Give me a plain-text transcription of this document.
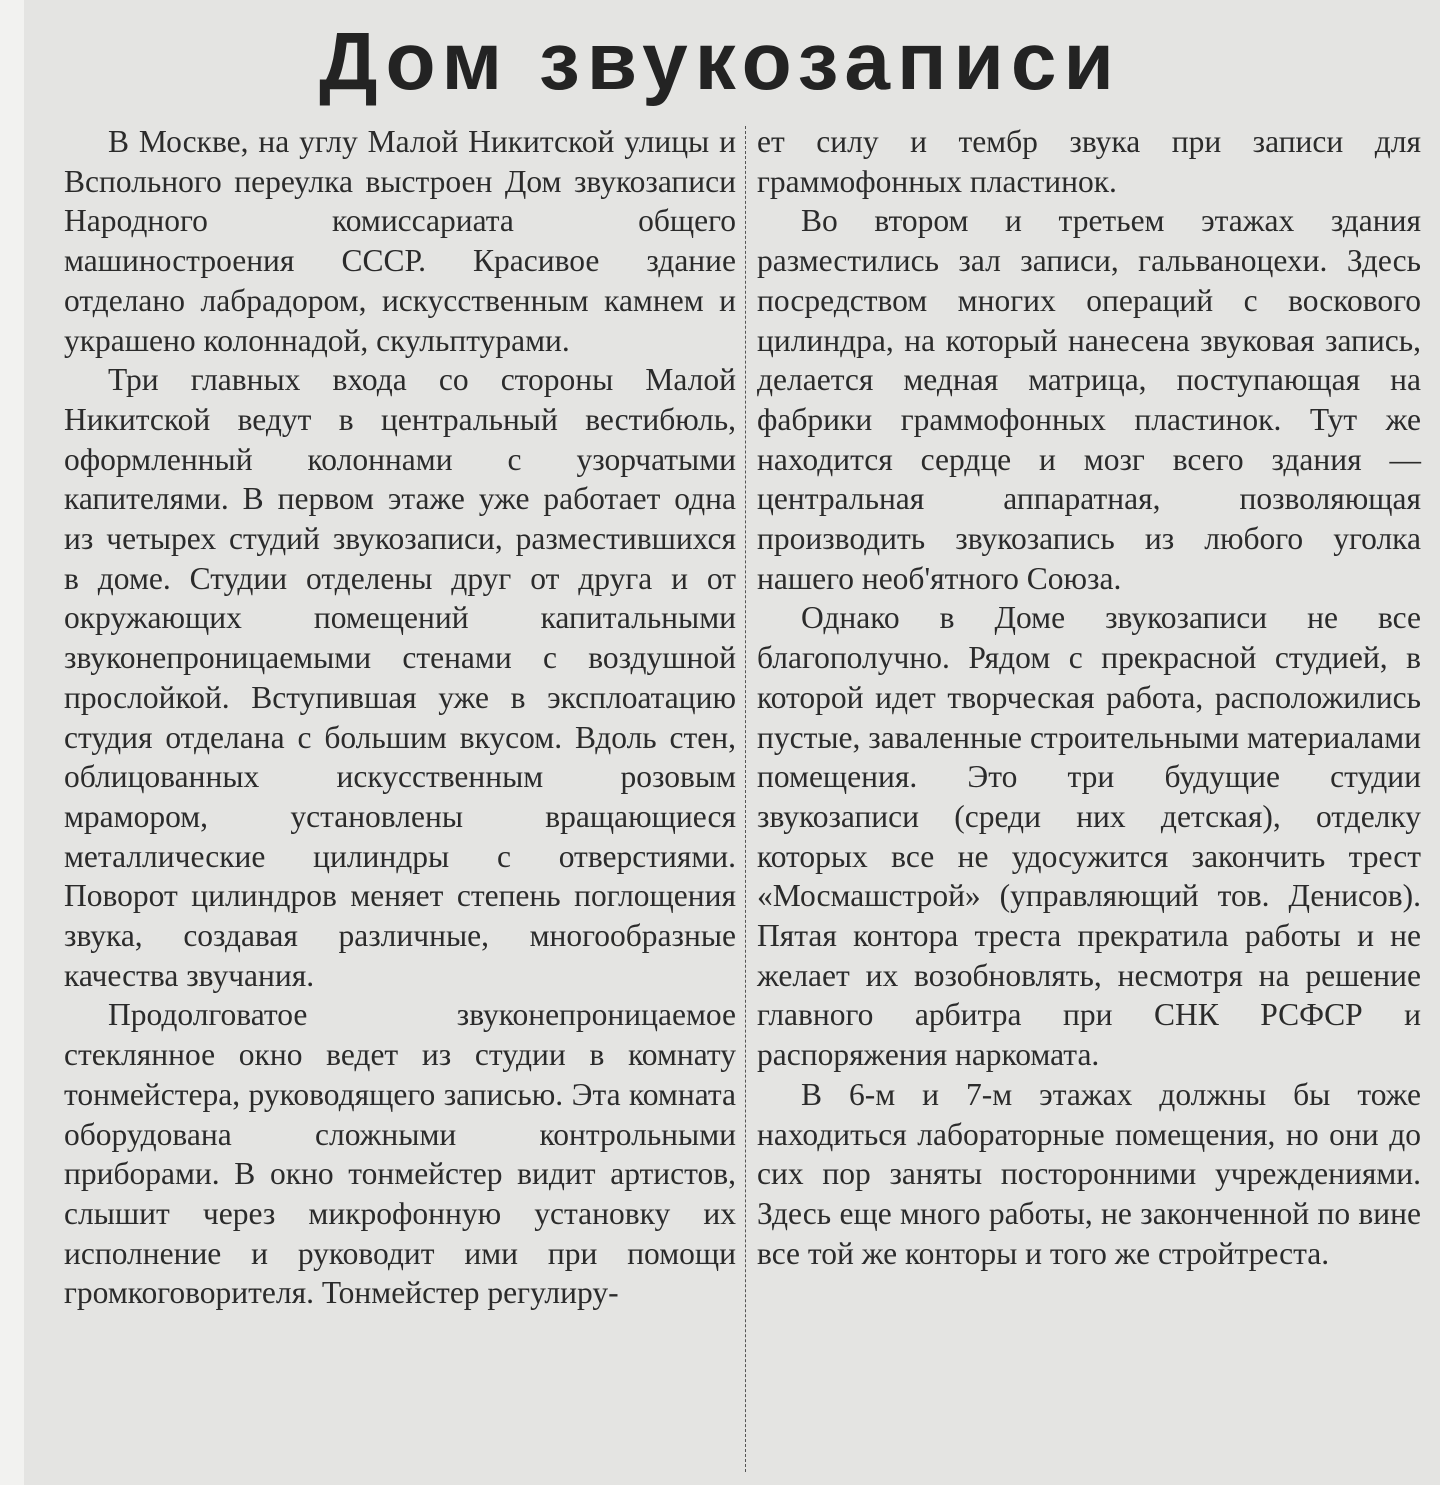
Дом звукозаписи

В Москве, на углу Малой Никитской улицы и Вспольного переулка выстроен Дом звукозаписи Народного комиссариата общего машиностроения СССР. Красивое здание отделано лабрадором, искусственным камнем и украшено колоннадой, скульптурами.

Три главных входа со стороны Малой Никитской ведут в центральный вестибюль, оформленный колоннами с узорчатыми капителями. В первом этаже уже работает одна из четырех студий звукозаписи, разместившихся в доме. Студии отделены друг от друга и от окружающих помещений капитальными звуконепроницаемыми стенами с воздушной прослойкой. Вступившая уже в эксплоатацию студия отделана с большим вкусом. Вдоль стен, облицованных искусственным розовым мрамором, установлены вращающиеся металлические цилиндры с отверстиями. Поворот цилиндров меняет степень поглощения звука, создавая различные, многообразные качества звучания.

Продолговатое звуконепроницаемое стеклянное окно ведет из студии в комнату тонмейстера, руководящего записью. Эта комната оборудована сложными контрольными приборами. В окно тонмейстер видит артистов, слышит через микрофонную установку их исполнение и руководит ими при помощи громкоговорителя. Тонмейстер регулиру-

ет силу и тембр звука при записи для граммофонных пластинок.

Во втором и третьем этажах здания разместились зал записи, гальваноцехи. Здесь посредством многих операций с воскового цилиндра, на который нанесена звуковая запись, делается медная матрица, поступающая на фабрики граммофонных пластинок. Тут же находится сердце и мозг всего здания — центральная аппаратная, позволяющая производить звукозапись из любого уголка нашего необ'ятного Союза.

Однако в Доме звукозаписи не все благополучно. Рядом с прекрасной студией, в которой идет творческая работа, расположились пустые, заваленные строительными материалами помещения. Это три будущие студии звукозаписи (среди них детская), отделку которых все не удосужится закончить трест «Мосмашстрой» (управляющий тов. Денисов). Пятая контора треста прекратила работы и не желает их возобновлять, несмотря на решение главного арбитра при СНК РСФСР и распоряжения наркомата.

В 6-м и 7-м этажах должны бы тоже находиться лабораторные помещения, но они до сих пор заняты посторонними учреждениями. Здесь еще много работы, не законченной по вине все той же конторы и того же стройтреста.
